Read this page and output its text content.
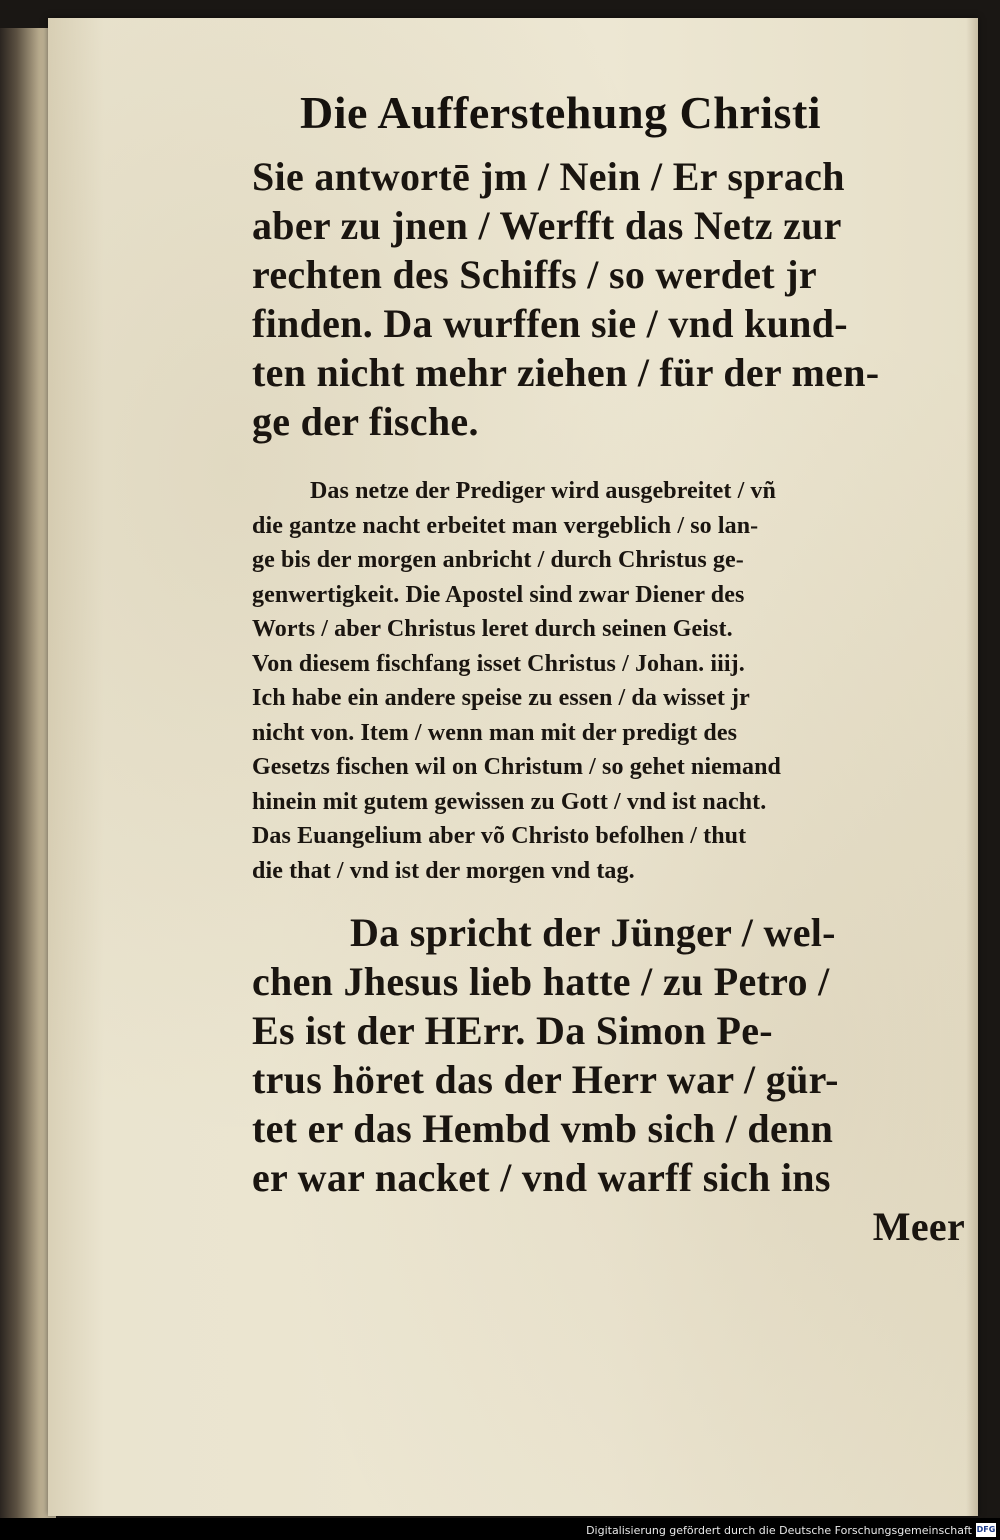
Die Aufferstehung Christi
Sie antwortē jm / Nein / Er sprach
aber zu jnen / Werfft das Netz zur
rechten des Schiffs / so werdet jr
finden. Da wurffen sie / vnd kund-
ten nicht mehr ziehen / für der men-
ge der fische.
Das netze der Prediger wird ausgebreitet / vñ
die gantze nacht erbeitet man vergeblich / so lan-
ge bis der morgen anbricht / durch Christus ge-
genwertigkeit. Die Apostel sind zwar Diener des
Worts / aber Christus leret durch seinen Geist.
Von diesem fischfang isset Christus / Johan. iiij.
Ich habe ein andere speise zu essen / da wisset jr
nicht von. Item / wenn man mit der predigt des
Gesetzs fischen wil on Christum / so gehet niemand
hinein mit gutem gewissen zu Gott / vnd ist nacht.
Das Euangelium aber võ Christo befolhen / thut
die that / vnd ist der morgen vnd tag.
Da spricht der Jünger / wel-
chen Jhesus lieb hatte / zu Petro /
Es ist der HErr. Da Simon Pe-
trus höret das der Herr war / gür-
tet er das Hembd vmb sich / denn
er war nacket / vnd warff sich ins
Meer
Digitalisierung gefördert durch die Deutsche Forschungsgemeinschaft DFG
